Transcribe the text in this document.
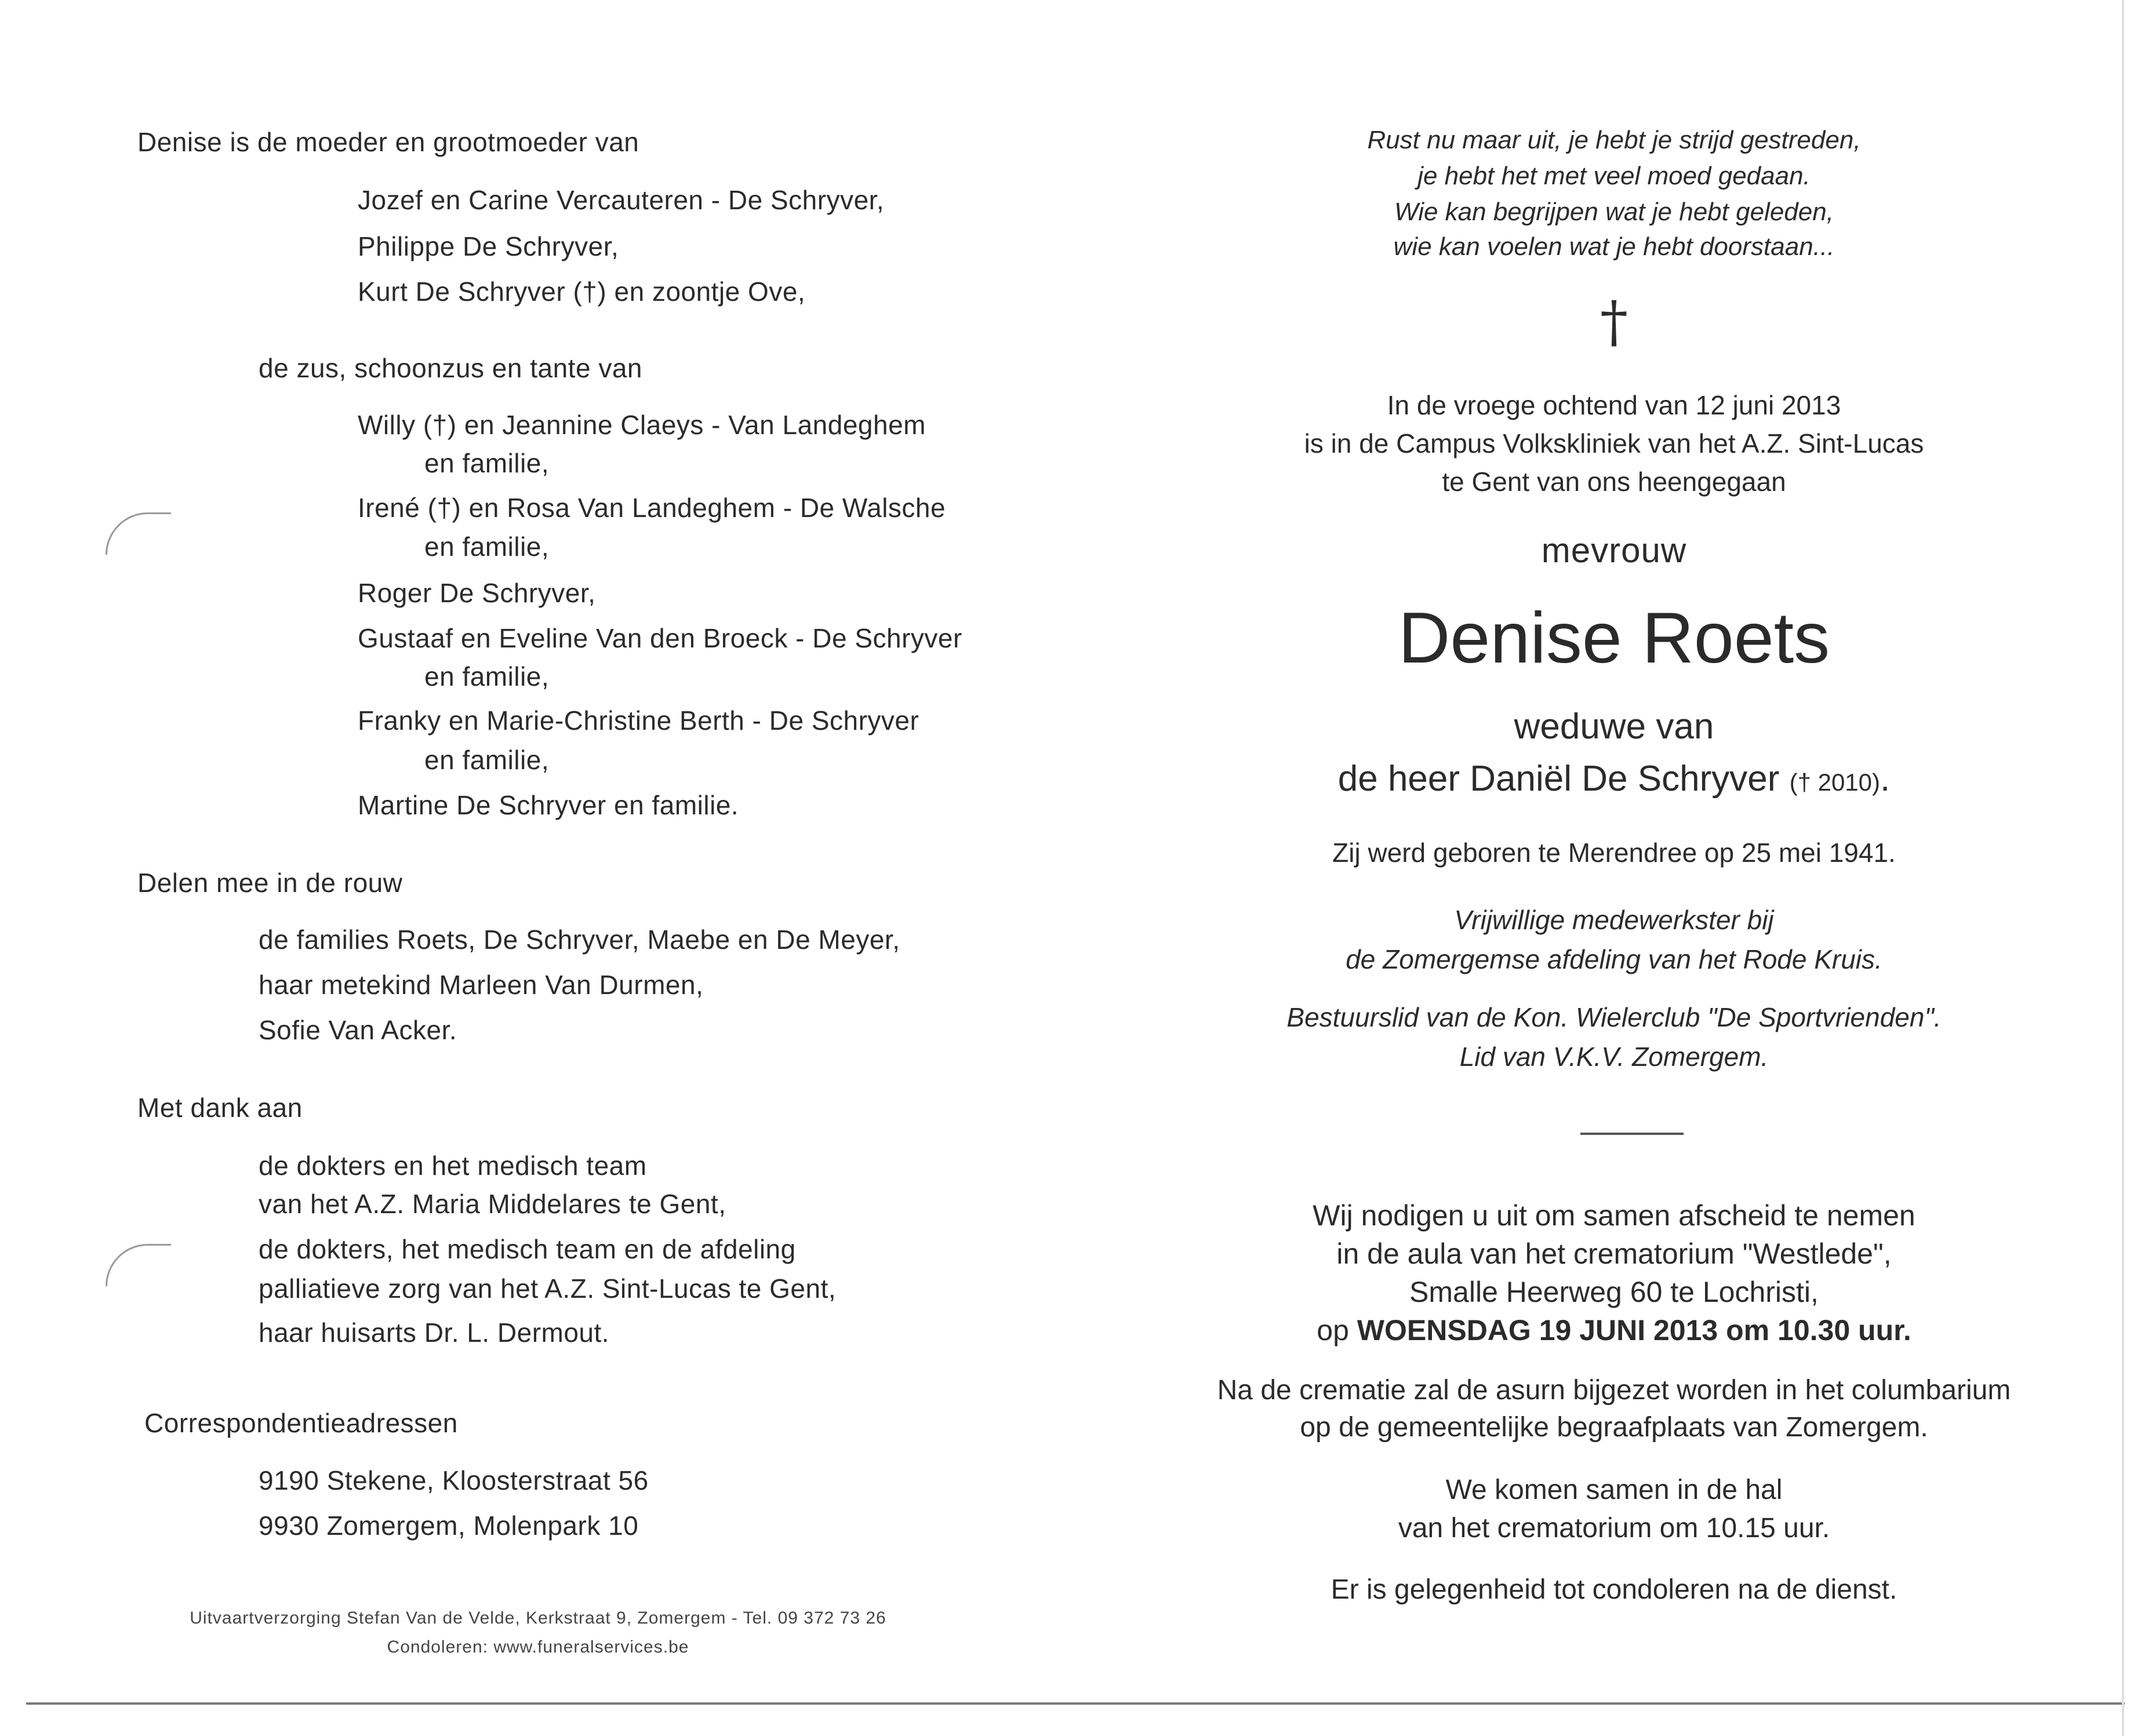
Denise is de moeder en grootmoeder van
Jozef en Carine Vercauteren - De Schryver,
Philippe De Schryver,
Kurt De Schryver (†) en zoontje Ove,
de zus, schoonzus en tante van
Willy (†) en Jeannine Claeys - Van Landeghem
en familie,
Irené (†) en Rosa Van Landeghem - De Walsche
en familie,
Roger De Schryver,
Gustaaf en Eveline Van den Broeck - De Schryver
en familie,
Franky en Marie-Christine Berth - De Schryver
en familie,
Martine De Schryver en familie.
Delen mee in de rouw
de families Roets, De Schryver, Maebe en De Meyer,
haar metekind Marleen Van Durmen,
Sofie Van Acker.
Met dank aan
de dokters en het medisch team
van het A.Z. Maria Middelares te Gent,
de dokters, het medisch team en de afdeling
palliatieve zorg van het A.Z. Sint-Lucas te Gent,
haar huisarts Dr. L. Dermout.
Correspondentieadressen
9190 Stekene, Kloosterstraat 56
9930 Zomergem, Molenpark 10
Uitvaartverzorging Stefan Van de Velde, Kerkstraat 9, Zomergem - Tel. 09 372 73 26
Condoleren: www.funeralservices.be
Rust nu maar uit, je hebt je strijd gestreden,
je hebt het met veel moed gedaan.
Wie kan begrijpen wat je hebt geleden,
wie kan voelen wat je hebt doorstaan...
†
In de vroege ochtend van 12 juni 2013
is in de Campus Volkskliniek van het A.Z. Sint-Lucas
te Gent van ons heengegaan
mevrouw
Denise Roets
weduwe van
de heer Daniël De Schryver († 2010).
Zij werd geboren te Merendree op 25 mei 1941.
Vrijwillige medewerkster bij
de Zomergemse afdeling van het Rode Kruis.
Bestuurslid van de Kon. Wielerclub "De Sportvrienden".
Lid van V.K.V. Zomergem.
Wij nodigen u uit om samen afscheid te nemen
in de aula van het crematorium "Westlede",
Smalle Heerweg 60 te Lochristi,
op WOENSDAG 19 JUNI 2013 om 10.30 uur.
Na de crematie zal de asurn bijgezet worden in het columbarium
op de gemeentelijke begraafplaats van Zomergem.
We komen samen in de hal
van het crematorium om 10.15 uur.
Er is gelegenheid tot condoleren na de dienst.
